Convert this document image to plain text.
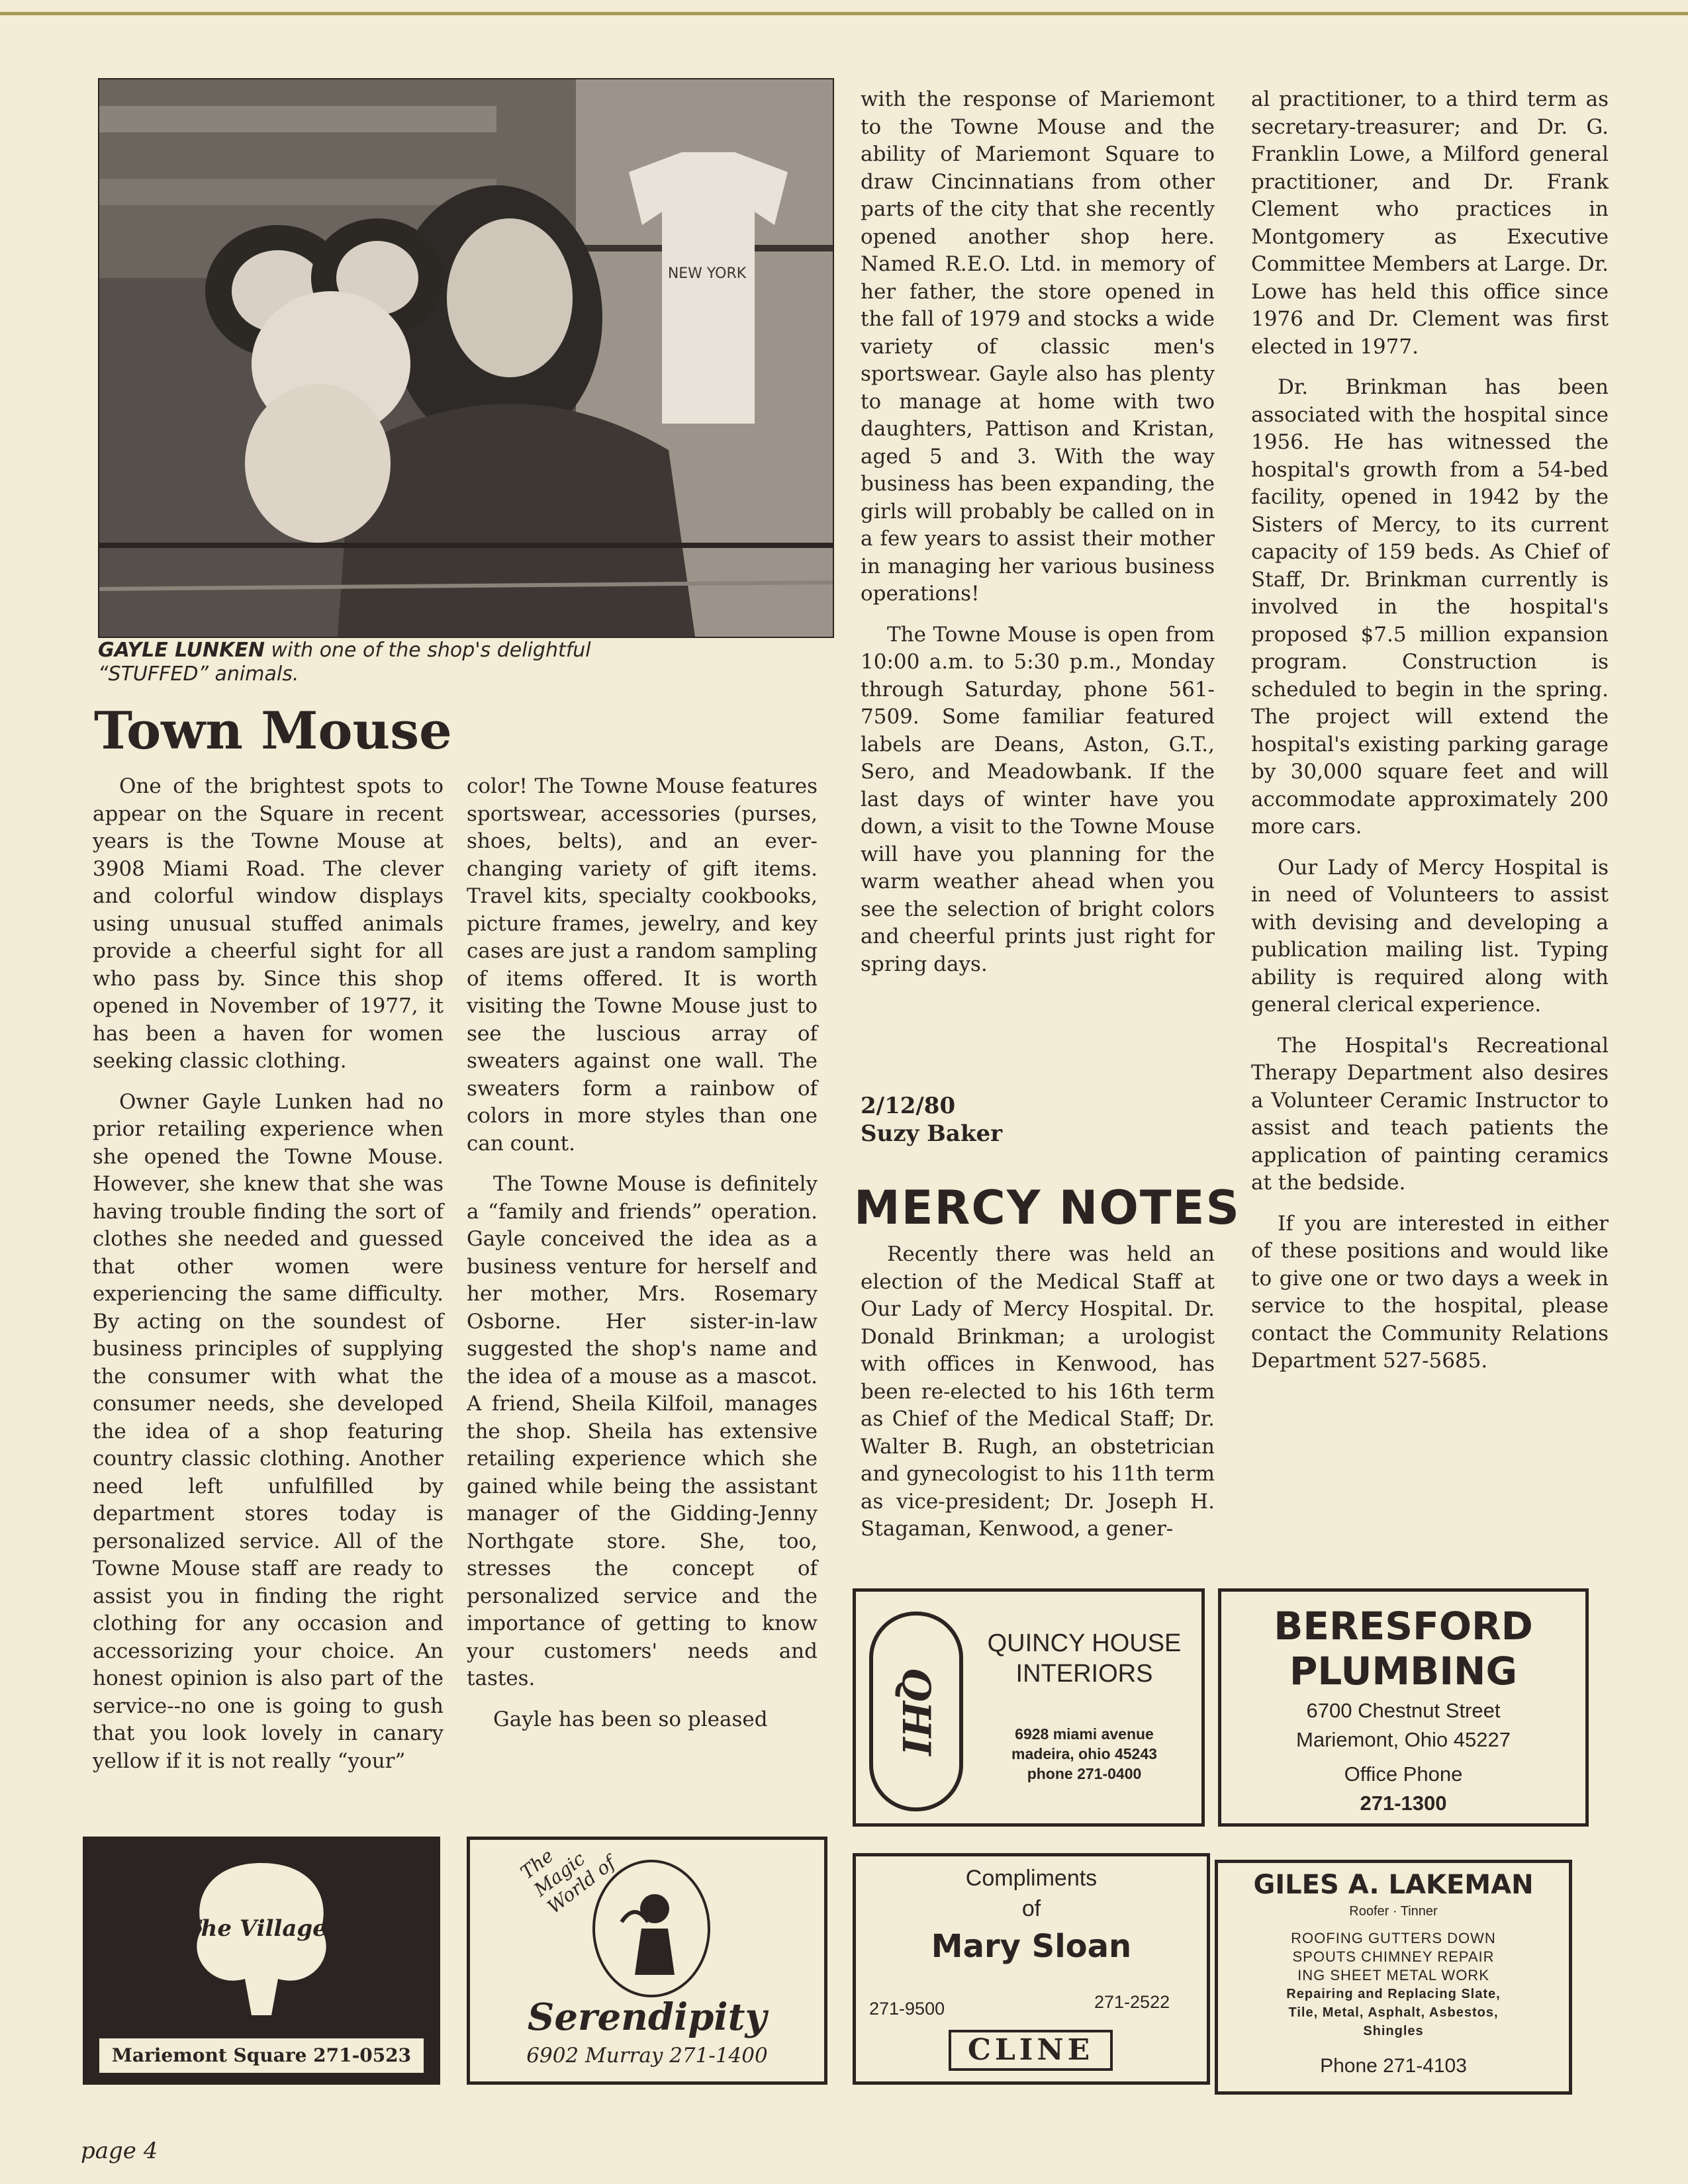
NEW YORK
GAYLE LUNKEN with one of the shop's delightful
“STUFFED” animals.
Town Mouse

One of the brightest spots to appear on the Square in recent years is the Towne Mouse at 3908 Miami Road. The clever and colorful window displays using unusual stuffed animals provide a cheerful sight for all who pass by. Since this shop opened in November of 1977, it has been a haven for women seeking classic clothing.

Owner Gayle Lunken had no prior retailing experience when she opened the Towne Mouse. However, she knew that she was having trouble finding the sort of clothes she needed and guessed that other women were experiencing the same difficulty. By acting on the soundest of business principles of supplying the consumer with what the consumer needs, she developed the idea of a shop featuring country classic clothing. Another need left unfulfilled by department stores today is personalized service. All of the Towne Mouse staff are ready to assist you in finding the right clothing for any occasion and accessorizing your choice. An honest opinion is also part of the service--no one is going to gush that you look lovely in canary yellow if it is not really “your”

color! The Towne Mouse features sportswear, accessories (purses, shoes, belts), and an ever-changing variety of gift items. Travel kits, specialty cookbooks, picture frames, jewelry, and key cases are just a random sampling of items offered. It is worth visiting the Towne Mouse just to see the luscious array of sweaters against one wall. The sweaters form a rainbow of colors in more styles than one can count.

The Towne Mouse is definitely a “family and friends” operation. Gayle conceived the idea as a business venture for herself and her mother, Mrs. Rosemary Osborne. Her sister-in-law suggested the shop's name and the idea of a mouse as a mascot. A friend, Sheila Kilfoil, manages the shop. Sheila has extensive retailing experience which she gained while being the assistant manager of the Gidding-Jenny Northgate store. She, too, stresses the concept of personalized service and the importance of getting to know your customers' needs and tastes.

Gayle has been so pleased

with the response of Mariemont to the Towne Mouse and the ability of Mariemont Square to draw Cincinnatians from other parts of the city that she recently opened another shop here. Named R.E.O. Ltd. in memory of her father, the store opened in the fall of 1979 and stocks a wide variety of classic men's sportswear. Gayle also has plenty to manage at home with two daughters, Pattison and Kristan, aged 5 and 3. With the way business has been expanding, the girls will probably be called on in a few years to assist their mother in managing her various business operations!

The Towne Mouse is open from 10:00 a.m. to 5:30 p.m., Monday through Saturday, phone 561-7509. Some familiar featured labels are Deans, Aston, G.T., Sero, and Meadowbank. If the last days of winter have you down, a visit to the Towne Mouse will have you planning for the warm weather ahead when you see the selection of bright colors and cheerful prints just right for spring days.

2/12/80
Suzy Baker
MERCY NOTES

Recently there was held an election of the Medical Staff at Our Lady of Mercy Hospital. Dr. Donald Brinkman; a urologist with offices in Kenwood, has been re-elected to his 16th term as Chief of the Medical Staff; Dr. Walter B. Rugh, an obstetrician and gynecologist to his 11th term as vice-president; Dr. Joseph H. Stagaman, Kenwood, a gener-

al practitioner, to a third term as secretary-treasurer; and Dr. G. Franklin Lowe, a Milford general practitioner, and Dr. Frank Clement who practices in Montgomery as Executive Committee Members at Large. Dr. Lowe has held this office since 1976 and Dr. Clement was first elected in 1977.

Dr. Brinkman has been associated with the hospital since 1956. He has witnessed the hospital's growth from a 54-bed facility, opened in 1942 by the Sisters of Mercy, to its current capacity of 159 beds. As Chief of Staff, Dr. Brinkman currently is involved in the hospital's proposed $7.5 million expansion program. Construction is scheduled to begin in the spring. The project will extend the hospital's existing parking garage by 30,000 square feet and will accommodate approximately 200 more cars.

Our Lady of Mercy Hospital is in need of Volunteers to assist with devising and developing a publication mailing list. Typing ability is required along with general clerical experience.

The Hospital's Recreational Therapy Department also desires a Volunteer Ceramic Instructor to assist and teach patients the application of painting ceramics at the bedside.

If you are interested in either of these positions and would like to give one or two days a week in service to the hospital, please contact the Community Relations Department 527-5685.

QHI
QUINCY HOUSE
INTERIORS
6928 miami avenue
madeira, ohio 45243
phone 271-0400
BERESFORD
PLUMBING
6700 Chestnut Street
Mariemont, Ohio 45227
Office Phone
271-1300
The Villager
Mariemont Square 271-0523
The Magic World of
Serendipity
6902 Murray 271-1400
Compliments
of
Mary Sloan
271-9500	271-2522
CLINE
GILES A. LAKEMAN
Roofer · Tinner
ROOFING GUTTERS DOWN
SPOUTS CHIMNEY REPAIR
ING SHEET METAL WORK
Repairing and Replacing Slate,
Tile, Metal, Asphalt, Asbestos,
Shingles
Phone 271-4103
page 4
